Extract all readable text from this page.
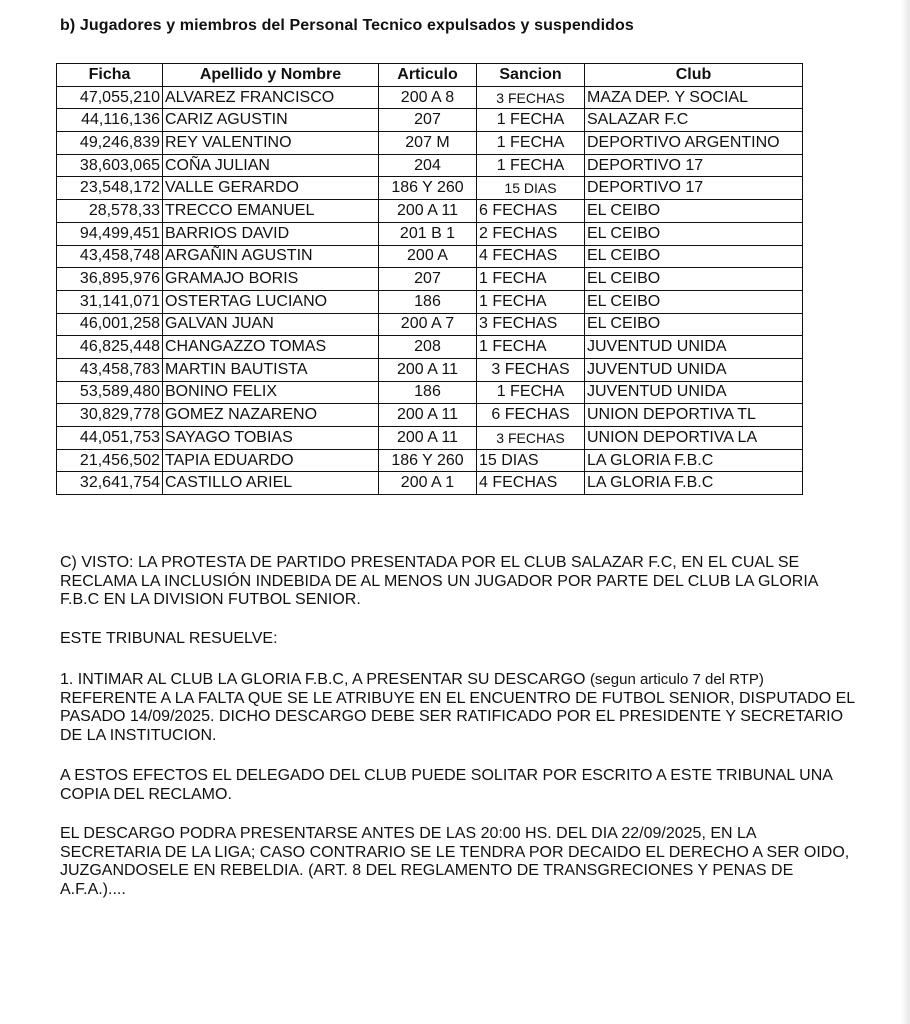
b) Jugadores y miembros del Personal Tecnico expulsados y suspendidos
Ficha	Apellido y Nombre	Articulo	Sancion	Club
47,055,210	ALVAREZ FRANCISCO	200 A 8	3 FECHAS	MAZA DEP. Y SOCIAL
44,116,136	CARIZ AGUSTIN	207	1 FECHA	SALAZAR F.C
49,246,839	REY VALENTINO	207 M	1 FECHA	DEPORTIVO ARGENTINO
38,603,065	COÑA JULIAN	204	1 FECHA	DEPORTIVO 17
23,548,172	VALLE GERARDO	186 Y 260	15 DIAS	DEPORTIVO 17
28,578,33	TRECCO EMANUEL	200 A 11	6 FECHAS	EL CEIBO
94,499,451	BARRIOS DAVID	201 B 1	2 FECHAS	EL CEIBO
43,458,748	ARGAÑIN AGUSTIN	200 A	4 FECHAS	EL CEIBO
36,895,976	GRAMAJO BORIS	207	1 FECHA	EL CEIBO
31,141,071	OSTERTAG LUCIANO	186	1 FECHA	EL CEIBO
46,001,258	GALVAN JUAN	200 A 7	3 FECHAS	EL CEIBO
46,825,448	CHANGAZZO TOMAS	208	1 FECHA	JUVENTUD UNIDA
43,458,783	MARTIN BAUTISTA	200 A 11	3 FECHAS	JUVENTUD UNIDA
53,589,480	BONINO FELIX	186	1 FECHA	JUVENTUD UNIDA
30,829,778	GOMEZ NAZARENO	200 A 11	6 FECHAS	UNION DEPORTIVA TL
44,051,753	SAYAGO TOBIAS	200 A 11	3 FECHAS	UNION DEPORTIVA LA
21,456,502	TAPIA EDUARDO	186 Y 260	15 DIAS	LA GLORIA F.B.C
32,641,754	CASTILLO ARIEL	200 A 1	4 FECHAS	LA GLORIA F.B.C
C) VISTO: LA PROTESTA DE PARTIDO PRESENTADA POR EL CLUB SALAZAR F.C, EN EL CUAL SE RECLAMA LA INCLUSIÓN INDEBIDA DE AL MENOS UN JUGADOR POR PARTE DEL CLUB LA GLORIA F.B.C EN LA DIVISION FUTBOL SENIOR.
ESTE TRIBUNAL RESUELVE:
1. INTIMAR AL CLUB LA GLORIA F.B.C, A PRESENTAR SU DESCARGO (segun articulo 7 del RTP) REFERENTE A LA FALTA QUE SE LE ATRIBUYE EN EL ENCUENTRO DE FUTBOL SENIOR, DISPUTADO EL PASADO 14/09/2025. DICHO DESCARGO DEBE SER RATIFICADO POR EL PRESIDENTE Y SECRETARIO DE LA INSTITUCION.
A ESTOS EFECTOS EL DELEGADO DEL CLUB PUEDE SOLITAR POR ESCRITO A ESTE TRIBUNAL UNA COPIA DEL RECLAMO.
EL DESCARGO PODRA PRESENTARSE ANTES DE LAS 20:00 HS. DEL DIA 22/09/2025, EN LA SECRETARIA DE LA LIGA; CASO CONTRARIO SE LE TENDRA POR DECAIDO EL DERECHO A SER OIDO, JUZGANDOSELE EN REBELDIA. (ART. 8 DEL REGLAMENTO DE TRANSGRECIONES Y PENAS DE A.F.A.)....
